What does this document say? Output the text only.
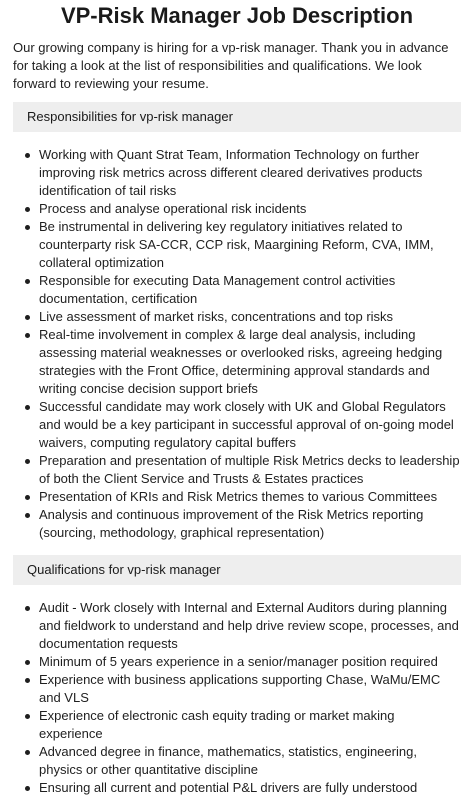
VP-Risk Manager Job Description

Our growing company is hiring for a vp-risk manager. Thank you in advance for taking a look at the list of responsibilities and qualifications. We look forward to reviewing your resume.

Responsibilities for vp-risk manager
Working with Quant Strat Team, Information Technology on further improving risk metrics across different cleared derivatives products identification of tail risks
Process and analyse operational risk incidents
Be instrumental in delivering key regulatory initiatives related to counterparty risk SA-CCR, CCP risk, Maargining Reform, CVA, IMM, collateral optimization
Responsible for executing Data Management control activities documentation, certification
Live assessment of market risks, concentrations and top risks
Real-time involvement in complex & large deal analysis, including assessing material weaknesses or overlooked risks, agreeing hedging strategies with the Front Office, determining approval standards and writing concise decision support briefs
Successful candidate may work closely with UK and Global Regulators and would be a key participant in successful approval of on-going model waivers, computing regulatory capital buffers
Preparation and presentation of multiple Risk Metrics decks to leadership of both the Client Service and Trusts & Estates practices
Presentation of KRIs and Risk Metrics themes to various Committees
Analysis and continuous improvement of the Risk Metrics reporting (sourcing, methodology, graphical representation)
Qualifications for vp-risk manager
Audit - Work closely with Internal and External Auditors during planning and fieldwork to understand and help drive review scope, processes, and documentation requests
Minimum of 5 years experience in a senior/manager position required
Experience with business applications supporting Chase, WaMu/EMC and VLS
Experience of electronic cash equity trading or market making experience
Advanced degree in finance, mathematics, statistics, engineering, physics or other quantitative discipline
Ensuring all current and potential P&L drivers are fully understood
